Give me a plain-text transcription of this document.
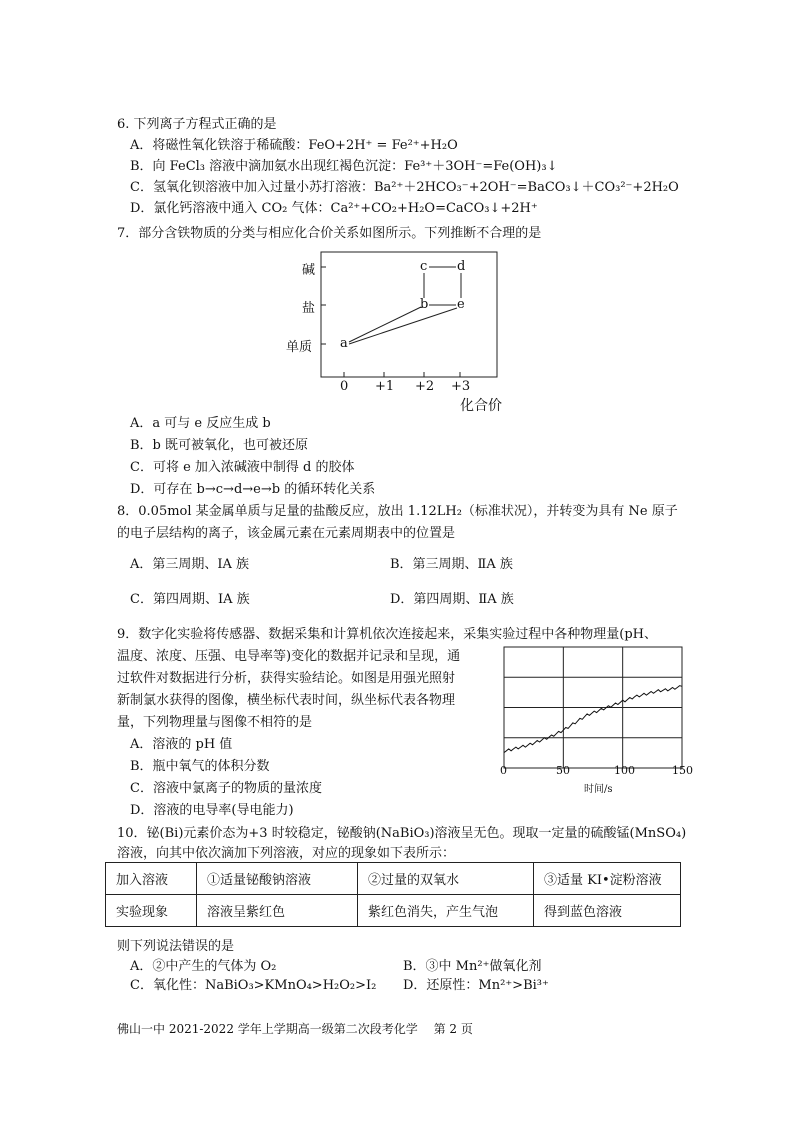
6. 下列离子方程式正确的是
A．将磁性氧化铁溶于稀硫酸：FeO+2H⁺ = Fe²⁺+H₂O
B．向 FeCl₃ 溶液中滴加氨水出现红褐色沉淀：Fe³⁺＋3OH⁻=Fe(OH)₃↓
C．氢氧化钡溶液中加入过量小苏打溶液：Ba²⁺＋2HCO₃⁻+2OH⁻=BaCO₃↓＋CO₃²⁻+2H₂O
D．氯化钙溶液中通入 CO₂ 气体：Ca²⁺+CO₂+H₂O=CaCO₃↓+2H⁺
7．部分含铁物质的分类与相应化合价关系如图所示。下列推断不合理的是
碱
盐
单质
c d
b e
a
0 +1 +2 +3
化合价
A．a 可与 e 反应生成 b
B．b 既可被氧化，也可被还原
C．可将 e 加入浓碱液中制得 d 的胶体
D．可存在 b→c→d→e→b 的循环转化关系
8．0.05mol 某金属单质与足量的盐酸反应，放出 1.12LH₂（标准状况），并转变为具有 Ne 原子
的电子层结构的离子，该金属元素在元素周期表中的位置是
A．第三周期、ⅠA 族	B．第三周期、ⅡA 族
C．第四周期、ⅠA 族	D．第四周期、ⅡA 族
9．数字化实验将传感器、数据采集和计算机依次连接起来，采集实验过程中各种物理量(pH、
温度、浓度、压强、电导率等)变化的数据并记录和呈现，通
过软件对数据进行分析，获得实验结论。如图是用强光照射
新制氯水获得的图像，横坐标代表时间，纵坐标代表各物理
量，下列物理量与图像不相符的是
A．溶液的 pH 值
B．瓶中氧气的体积分数
C．溶液中氯离子的物质的量浓度
D．溶液的电导率(导电能力)
0	50	100	150
时间/s
10．铋(Bi)元素价态为+3 时较稳定，铋酸钠(NaBiO₃)溶液呈无色。现取一定量的硫酸锰(MnSO₄)
溶液，向其中依次滴加下列溶液，对应的现象如下表所示：
加入溶液	①适量铋酸钠溶液	②过量的双氧水	③适量 KI•淀粉溶液
实验现象	溶液呈紫红色	紫红色消失，产生气泡	得到蓝色溶液
则下列说法错误的是
A．②中产生的气体为 O₂	B．③中 Mn²⁺做氧化剂
C．氧化性：NaBiO₃>KMnO₄>H₂O₂>I₂ D．还原性：Mn²⁺>Bi³⁺
佛山一中 2021-2022 学年上学期高一级第二次段考化学　 第 2 页
